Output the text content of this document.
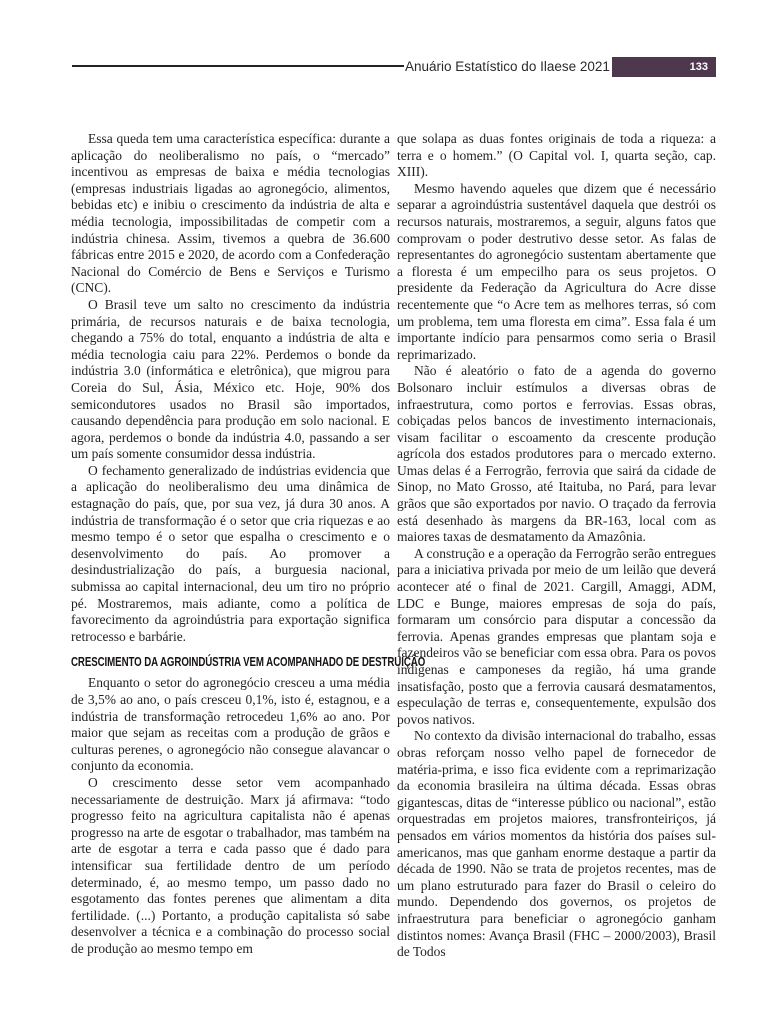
Anuário Estatístico do Ilaese 2021	133

Essa queda tem uma característica específica: durante a aplicação do neoliberalismo no país, o “mercado” incentivou as empresas de baixa e média tecnologias (empresas industriais ligadas ao agronegócio, alimentos, bebidas etc) e inibiu o crescimento da indústria de alta e média tecnologia, impossibilitadas de competir com a indústria chinesa. Assim, tivemos a quebra de 36.600 fábricas entre 2015 e 2020, de acordo com a Confederação Nacional do Comércio de Bens e Serviços e Turismo (CNC).

O Brasil teve um salto no crescimento da indústria primária, de recursos naturais e de baixa tecnologia, chegando a 75% do total, enquanto a indústria de alta e média tecnologia caiu para 22%. Perdemos o bonde da indústria 3.0 (informática e eletrônica), que migrou para Coreia do Sul, Ásia, México etc. Hoje, 90% dos semicondutores usados no Brasil são importados, causando dependência para produção em solo nacional. E agora, perdemos o bonde da indústria 4.0, passando a ser um país somente consumidor dessa indústria.

O fechamento generalizado de indústrias evidencia que a aplicação do neoliberalismo deu uma dinâmica de estagnação do país, que, por sua vez, já dura 30 anos. A indústria de transformação é o setor que cria riquezas e ao mesmo tempo é o setor que espalha o crescimento e o desenvolvimento do país. Ao promover a desindustrialização do país, a burguesia nacional, submissa ao capital internacional, deu um tiro no próprio pé. Mostraremos, mais adiante, como a política de favorecimento da agroindústria para exportação significa retrocesso e barbárie.

CRESCIMENTO DA AGROINDÚSTRIA VEM ACOMPANHADO DE DESTRUIÇÃO

Enquanto o setor do agronegócio cresceu a uma média de 3,5% ao ano, o país cresceu 0,1%, isto é, estagnou, e a indústria de transformação retrocedeu 1,6% ao ano. Por maior que sejam as receitas com a produção de grãos e culturas perenes, o agronegócio não consegue alavancar o conjunto da economia.

O crescimento desse setor vem acompanhado necessariamente de destruição. Marx já afirmava: “todo progresso feito na agricultura capitalista não é apenas progresso na arte de esgotar o trabalhador, mas também na arte de esgotar a terra e cada passo que é dado para intensificar sua fertilidade dentro de um período determinado, é, ao mesmo tempo, um passo dado no esgotamento das fontes perenes que alimentam a dita fertilidade. (...) Portanto, a produção capitalista só sabe desenvolver a técnica e a combinação do processo social de produção ao mesmo tempo em

que solapa as duas fontes originais de toda a riqueza: a terra e o homem.” (O Capital vol. I, quarta seção, cap. XIII).

Mesmo havendo aqueles que dizem que é necessário separar a agroindústria sustentável daquela que destrói os recursos naturais, mostraremos, a seguir, alguns fatos que comprovam o poder destrutivo desse setor. As falas de representantes do agronegócio sustentam abertamente que a floresta é um empecilho para os seus projetos. O presidente da Federação da Agricultura do Acre disse recentemente que “o Acre tem as melhores terras, só com um problema, tem uma floresta em cima”. Essa fala é um importante indício para pensarmos como seria o Brasil reprimarizado.

Não é aleatório o fato de a agenda do governo Bolsonaro incluir estímulos a diversas obras de infraestrutura, como portos e ferrovias. Essas obras, cobiçadas pelos bancos de investimento internacionais, visam facilitar o escoamento da crescente produção agrícola dos estados produtores para o mercado externo. Umas delas é a Ferrogrão, ferrovia que sairá da cidade de Sinop, no Mato Grosso, até Itaituba, no Pará, para levar grãos que são exportados por navio. O traçado da ferrovia está desenhado às margens da BR-163, local com as maiores taxas de desmatamento da Amazônia.

A construção e a operação da Ferrogrão serão entregues para a iniciativa privada por meio de um leilão que deverá acontecer até o final de 2021. Cargill, Amaggi, ADM, LDC e Bunge, maiores empresas de soja do país, formaram um consórcio para disputar a concessão da ferrovia. Apenas grandes empresas que plantam soja e fazendeiros vão se beneficiar com essa obra. Para os povos indígenas e camponeses da região, há uma grande insatisfação, posto que a ferrovia causará desmatamentos, especulação de terras e, consequentemente, expulsão dos povos nativos.

No contexto da divisão internacional do trabalho, essas obras reforçam nosso velho papel de fornecedor de matéria-prima, e isso fica evidente com a reprimarização da economia brasileira na última década. Essas obras gigantescas, ditas de “interesse público ou nacional”, estão orquestradas em projetos maiores, transfronteiriços, já pensados em vários momentos da história dos países sul-americanos, mas que ganham enorme destaque a partir da década de 1990. Não se trata de projetos recentes, mas de um plano estruturado para fazer do Brasil o celeiro do mundo. Dependendo dos governos, os projetos de infraestrutura para beneficiar o agronegócio ganham distintos nomes: Avança Brasil (FHC – 2000/2003), Brasil de Todos
